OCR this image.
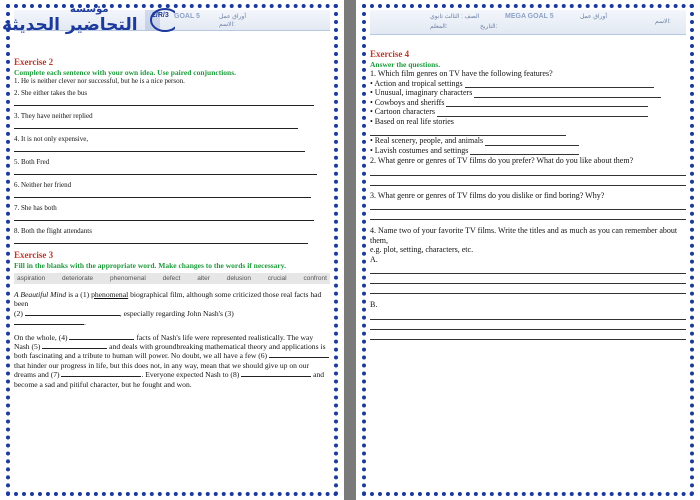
مؤسسة
التحاضير الحديثة 2/R/3 GOAL 5	أوراق عمل
الاسم:

Exercise 2

Complete each sentence with your own idea. Use paired conjunctions.

1. He is neither clever nor successful, but he is a nice person.
2. She either takes the bus
3. They have neither replied
4. It is not only expensive,
5. Both Fred
6. Neither her friend
7. She has both
8. Both the flight attendants

Exercise 3

Fill in the blanks with the appropriate word. Make changes to the words if necessary.

aspiration	deteriorate	phenomenal	defect	alter	delusion	crucial	confront
A Beautiful Mind is a (1) phenomenal biographical film, although some criticized those real facts had been
(2)	, especially regarding John Nash's (3)
.
On the whole, (4)	facts of Nash's life were represented realistically. The way Nash (5)	and deals with groundbreaking mathematical theory and applications is both fascinating and a tribute to human will power. No doubt, we all have a few (6)  that hinder our progress in life, but this does not, in any way, mean that we should give up on our dreams and (7)	. Everyone expected Nash to (8)	and become a sad and pitiful character, but he fought and won.
الصف : الثالث ثانوي	MEGA GOAL 5	أوراق عمل
المعلم:	التاريخ:
الاسم:

Exercise 4

Answer the questions.

1. Which film genres on TV have the following features?
• Action and tropical settings
• Unusual, imaginary characters
• Cowboys and sheriffs
• Cartoon characters
• Based on real life stories
• Real scenery, people, and animals
• Lavish costumes and settings
2. What genre or genres of TV films do you prefer? What do you like about them?
3. What genre or genres of TV films do you dislike or find boring? Why?
4. Name two of your favorite TV films. Write the titles and as much as you can remember about them,
e.g. plot, setting, characters, etc.
A.
B.
